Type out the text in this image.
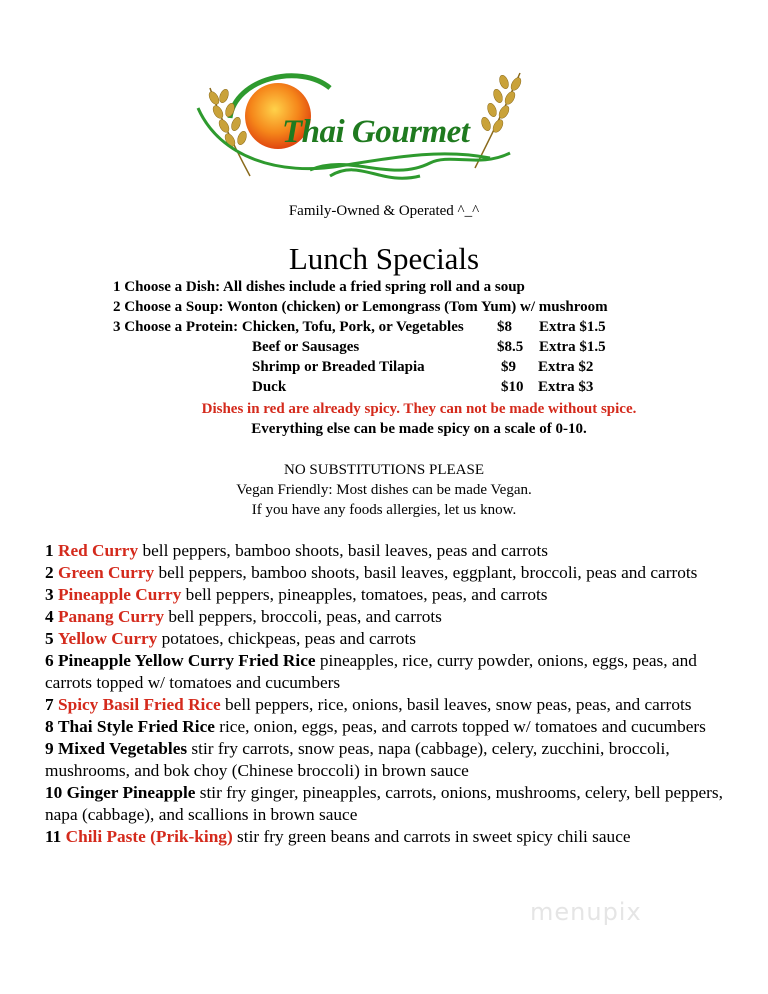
Thai Gourmet
Family-Owned & Operated ^_^
Lunch Specials
1 Choose a Dish: All dishes include a fried spring roll and a soup
2 Choose a Soup: Wonton (chicken) or Lemongrass (Tom Yum) w/ mushroom
3 Choose a Protein: Chicken, Tofu, Pork, or Vegetables $8 Extra $1.5
Beef or Sausages	$8.5 Extra $1.5
Shrimp or Breaded Tilapia	$9 Extra $2
Duck	$10 Extra $3
Dishes in red are already spicy. They can not be made without spice.
Everything else can be made spicy on a scale of 0-10.
NO SUBSTITUTIONS PLEASE
Vegan Friendly: Most dishes can be made Vegan.
If you have any foods allergies, let us know.

1 Red Curry bell peppers, bamboo shoots, basil leaves, peas and carrots

2 Green Curry bell peppers, bamboo shoots, basil leaves, eggplant, broccoli, peas and carrots

3 Pineapple Curry bell peppers, pineapples, tomatoes, peas, and carrots

4 Panang Curry bell peppers, broccoli, peas, and carrots

5 Yellow Curry potatoes, chickpeas, peas and carrots

6 Pineapple Yellow Curry Fried Rice pineapples, rice, curry powder, onions, eggs, peas, and carrots topped w/ tomatoes and cucumbers

7 Spicy Basil Fried Rice bell peppers, rice, onions, basil leaves, snow peas, peas, and carrots

8 Thai Style Fried Rice rice, onion, eggs, peas, and carrots topped w/ tomatoes and cucumbers

9 Mixed Vegetables stir fry carrots, snow peas, napa (cabbage), celery, zucchini, broccoli, mushrooms, and bok choy (Chinese broccoli) in brown sauce

10 Ginger Pineapple stir fry ginger, pineapples, carrots, onions, mushrooms, celery, bell peppers, napa (cabbage), and scallions in brown sauce

11 Chili Paste (Prik-king) stir fry green beans and carrots in sweet spicy chili sauce

menupix
